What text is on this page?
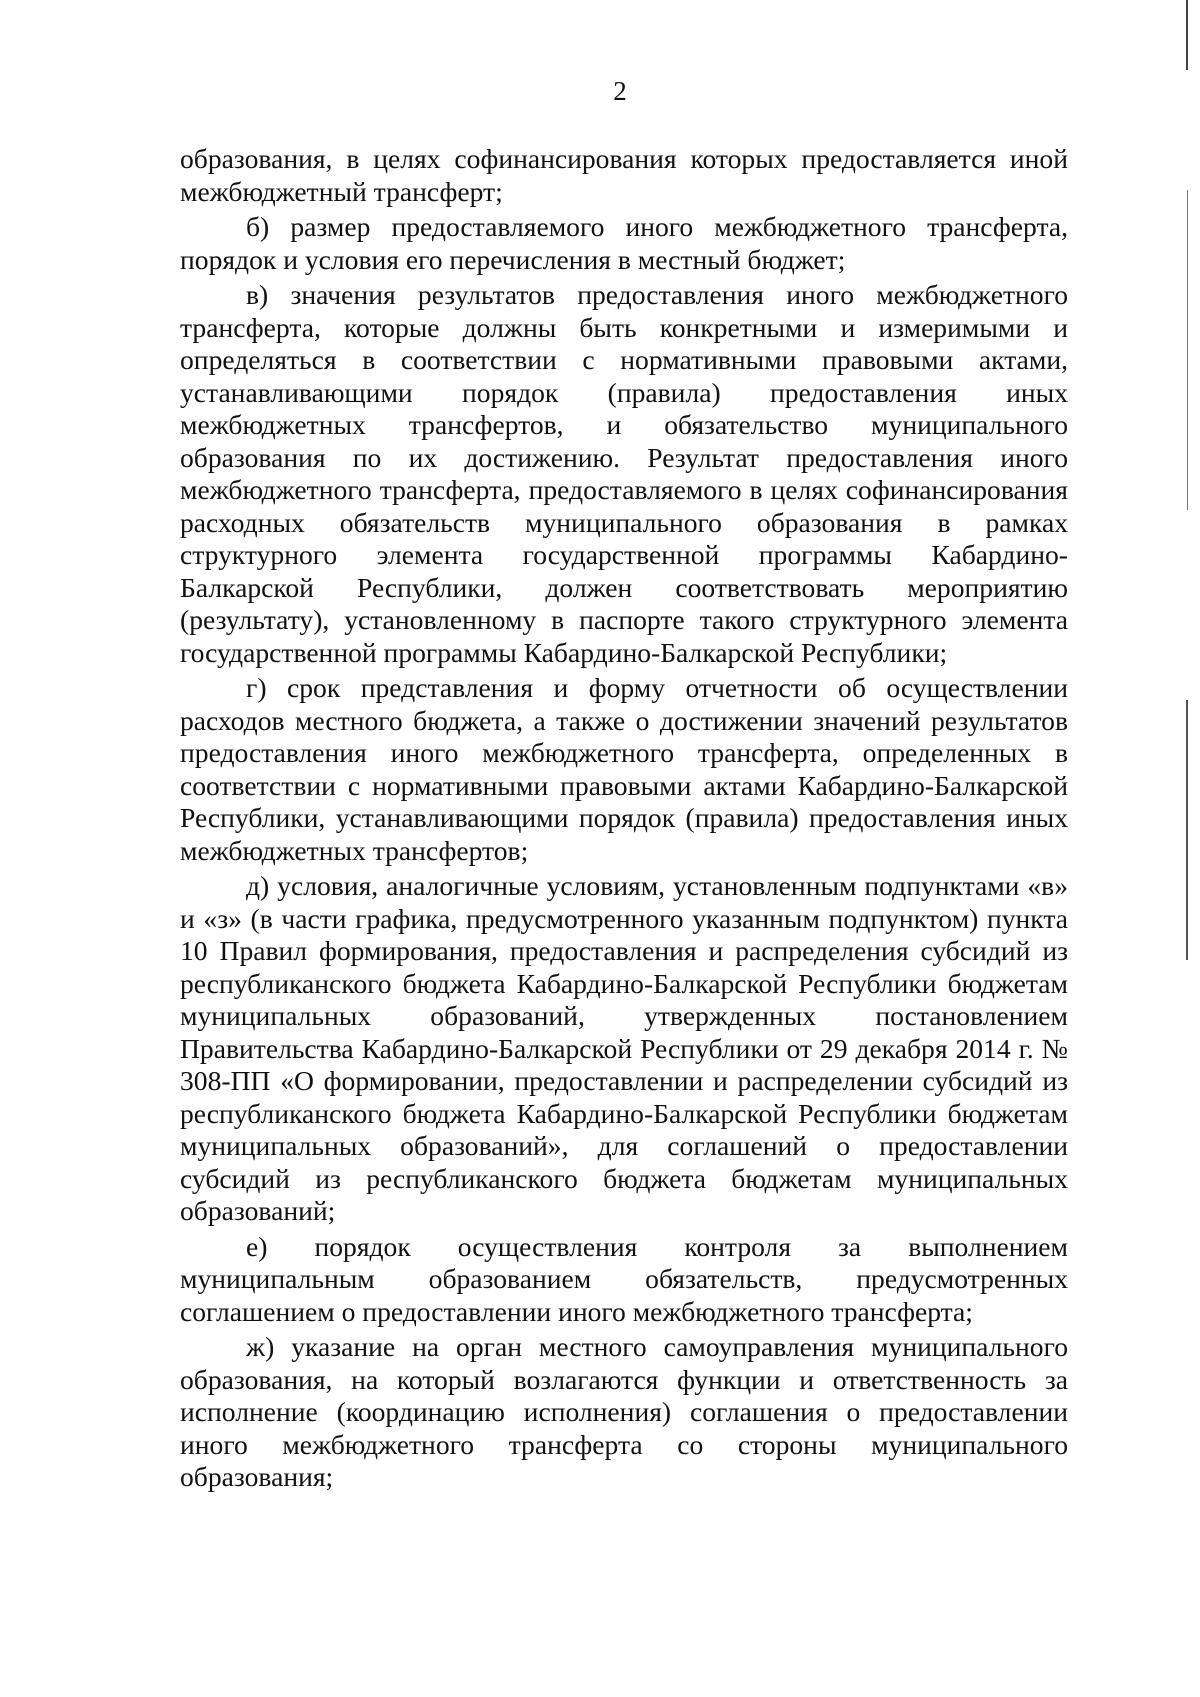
2

образования, в целях софинансирования которых предоставляется иной межбюджетный трансферт;

б) размер предоставляемого иного межбюджетного трансферта, порядок и условия его перечисления в местный бюджет;

в) значения результатов предоставления иного межбюджетного трансферта, которые должны быть конкретными и измеримыми и определяться в соответствии с нормативными правовыми актами, устанавливающими порядок (правила) предоставления иных межбюджетных трансфертов, и обязательство муниципального образования по их достижению. Результат предоставления иного межбюджетного трансферта, предоставляемого в целях софинансирования расходных обязательств муниципального образования в рамках структурного элемента государственной программы Кабардино-Балкарской Республики, должен соответствовать мероприятию (результату), установленному в паспорте такого структурного элемента государственной программы Кабардино-Балкарской Республики;

г) срок представления и форму отчетности об осуществлении расходов местного бюджета, а также о достижении значений результатов предоставления иного межбюджетного трансферта, определенных в соответствии с нормативными правовыми актами Кабардино-Балкарской Республики, устанавливающими порядок (правила) предоставления иных межбюджетных трансфертов;

д) условия, аналогичные условиям, установленным подпунктами «в» и «з» (в части графика, предусмотренного указанным подпунктом) пункта 10 Правил формирования, предоставления и распределения субсидий из республиканского бюджета Кабардино-Балкарской Республики бюджетам муниципальных образований, утвержденных постановлением Правительства Кабардино-Балкарской Республики от 29 декабря 2014 г. № 308-ПП «О формировании, предоставлении и распределении субсидий из республиканского бюджета Кабардино-Балкарской Республики бюджетам муниципальных образований», для соглашений о предоставлении субсидий из республиканского бюджета бюджетам муниципальных образований;

е) порядок осуществления контроля за выполнением муниципальным образованием обязательств, предусмотренных соглашением о предоставлении иного межбюджетного трансферта;

ж) указание на орган местного самоуправления муниципального образования, на который возлагаются функции и ответственность за исполнение (координацию исполнения) соглашения о предоставлении иного межбюджетного трансферта со стороны муниципального образования;
